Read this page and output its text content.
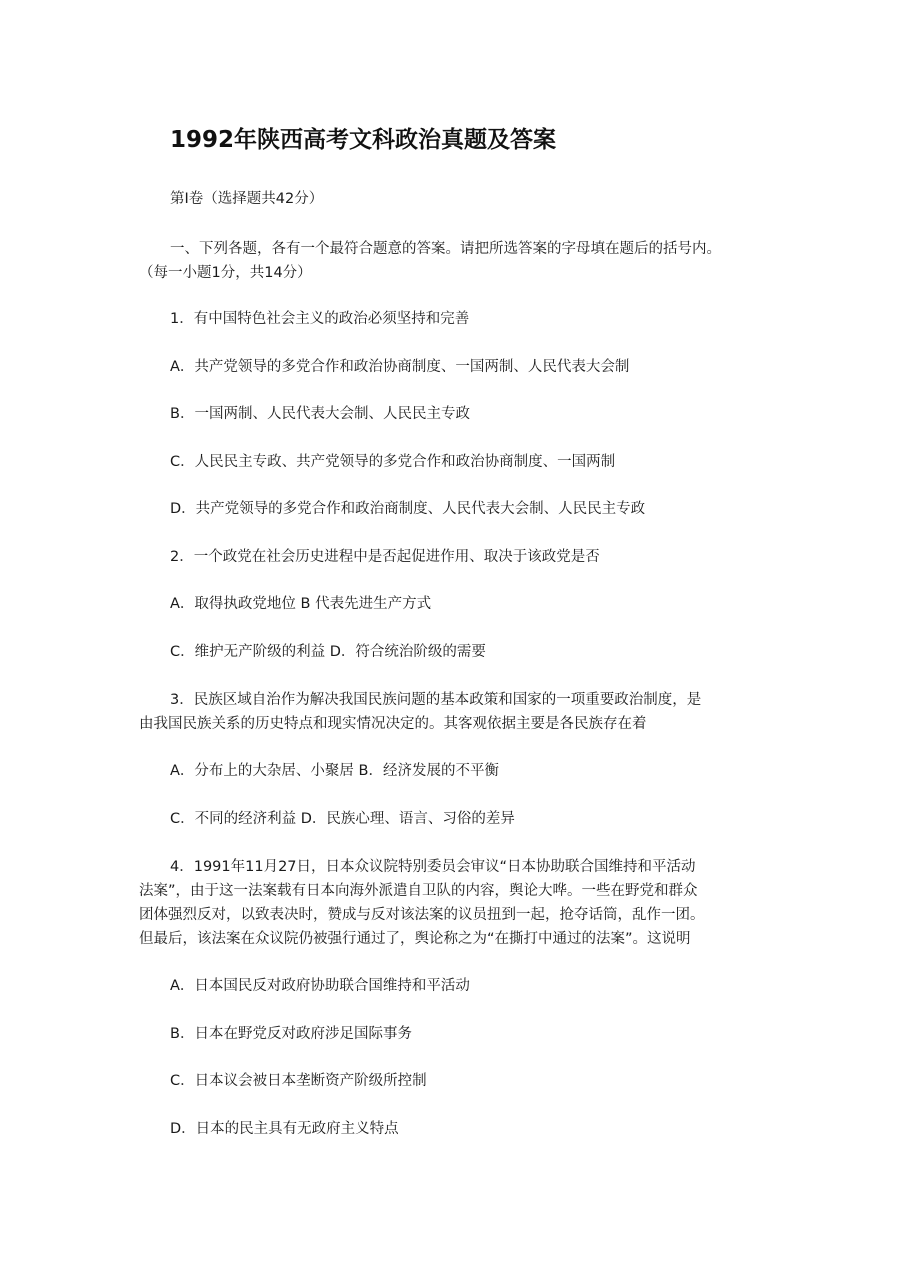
1992年陕西高考文科政治真题及答案
第Ⅰ卷（选择题共42分）
一、下列各题，各有一个最符合题意的答案。请把所选答案的字母填在题后的括号内。
（每一小题1分，共14分）
1．有中国特色社会主义的政治必须坚持和完善
A．共产党领导的多党合作和政治协商制度、一国两制、人民代表大会制
B．一国两制、人民代表大会制、人民民主专政
C．人民民主专政、共产党领导的多党合作和政治协商制度、一国两制
D．共产党领导的多党合作和政治商制度、人民代表大会制、人民民主专政
2．一个政党在社会历史进程中是否起促进作用、取决于该政党是否
A．取得执政党地位 B 代表先进生产方式
C．维护无产阶级的利益 D．符合统治阶级的需要
3．民族区域自治作为解决我国民族问题的基本政策和国家的一项重要政治制度，是
由我国民族关系的历史特点和现实情况决定的。其客观依据主要是各民族存在着
A．分布上的大杂居、小聚居 B．经济发展的不平衡
C．不同的经济利益 D．民族心理、语言、习俗的差异
4．1991年11月27日，日本众议院特别委员会审议“日本协助联合国维持和平活动
法案”，由于这一法案载有日本向海外派遣自卫队的内容，舆论大哗。一些在野党和群众
团体强烈反对，以致表决时，赞成与反对该法案的议员扭到一起，抢夺话筒，乱作一团。
但最后，该法案在众议院仍被强行通过了，舆论称之为“在撕打中通过的法案”。这说明
A．日本国民反对政府协助联合国维持和平活动
B．日本在野党反对政府涉足国际事务
C．日本议会被日本垄断资产阶级所控制
D．日本的民主具有无政府主义特点
